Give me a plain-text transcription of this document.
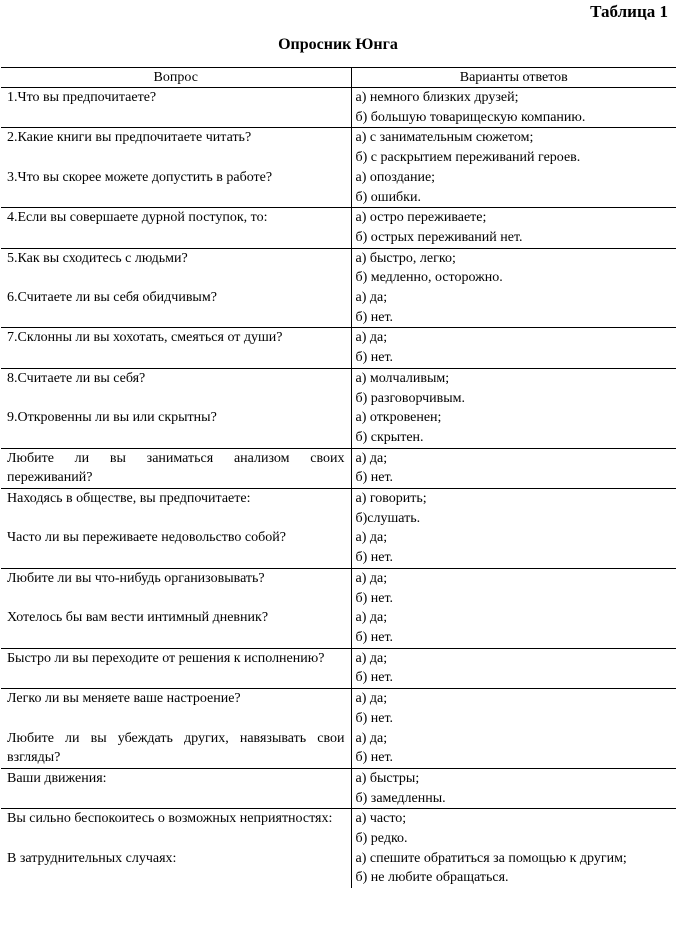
Таблица 1
Опросник Юнга
Вопрос	Варианты ответов
1.Что вы предпочитаете?	а) немного близких друзей;
б) большую товарищескую компанию.

2.Какие книги вы предпочитаете читать?	а) с занимательным сюжетом;
б) с раскрытием переживаний героев.

3.Что вы скорее можете допустить в работе?	а) опоздание;
б) ошибки.

4.Если вы совершаете дурной поступок, то:	а) остро переживаете;
б) острых переживаний нет.

5.Как вы сходитесь с людьми?	а) быстро, легко;
б) медленно, осторожно.

6.Считаете ли вы себя обидчивым?	а) да;
б) нет.

7.Склонны ли вы хохотать, смеяться от души?	а) да;
б) нет.

8.Считаете ли вы себя?	а) молчаливым;
б) разговорчивым.

9.Откровенны ли вы или скрытны?	а) откровенен;
б) скрытен.

Любите ли вы заниматься анализом своих переживаний?	а) да;
б) нет.

Находясь в обществе, вы предпочитаете:	а) говорить;
б)слушать.

Часто ли вы переживаете недовольство собой?	а) да;
б) нет.

Любите ли вы что-нибудь организовывать?	а) да;
б) нет.

Хотелось бы вам вести интимный дневник?	а) да;
б) нет.

Быстро ли вы переходите от решения к исполнению?	а) да;
б) нет.

Легко ли вы меняете ваше настроение?	а) да;
б) нет.

Любите ли вы убеждать других, навязывать свои взгляды?	а) да;
б) нет.

Ваши движения:	а) быстры;
б) замедленны.

Вы сильно беспокоитесь о возможных неприятностях:	а) часто;
б) редко.

В затруднительных случаях:	а) спешите обратиться за помощью к другим;
б) не любите обращаться.
